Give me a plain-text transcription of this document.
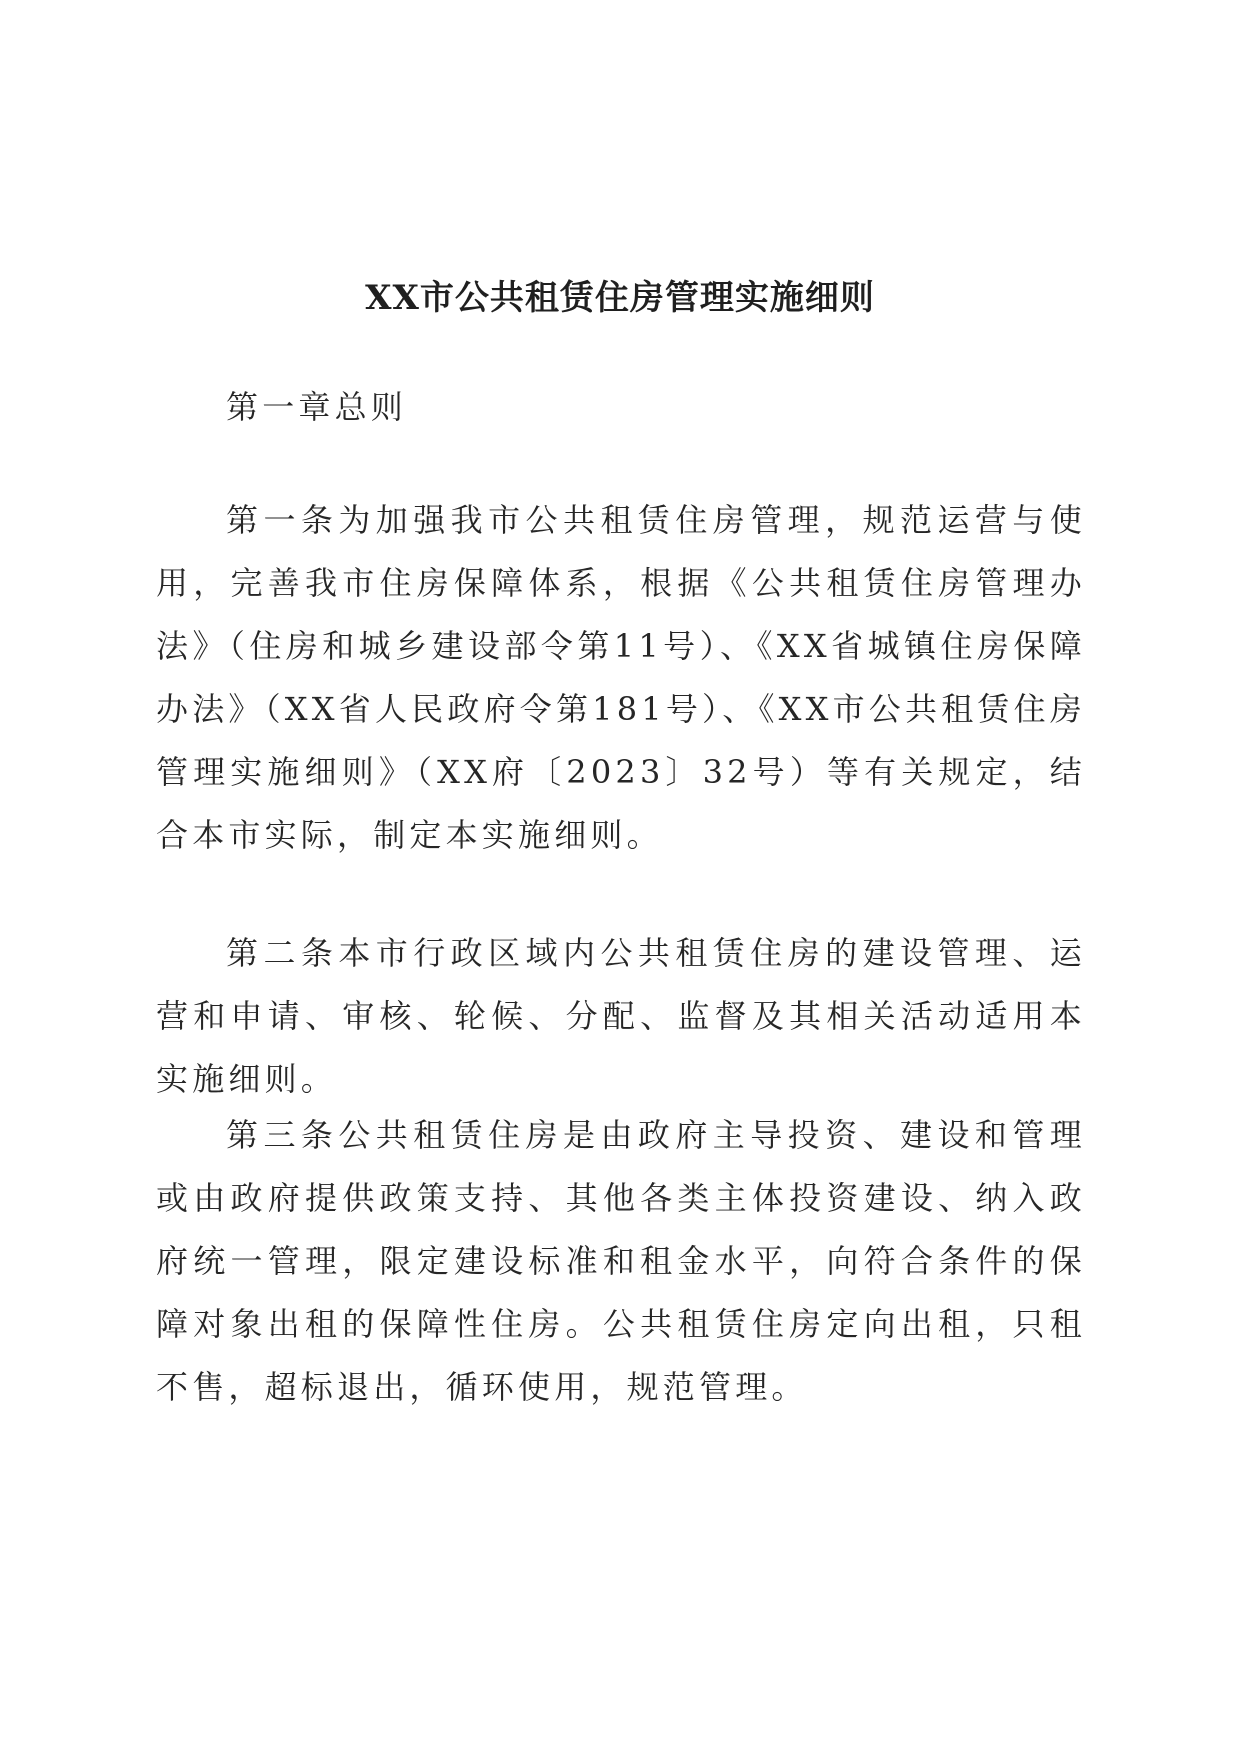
XX市公共租赁住房管理实施细则

第一章总则

第一条为加强我市公共租赁住房管理，规范运营与使用，完善我市住房保障体系，根据《公共租赁住房管理办法》（住房和城乡建设部令第11号）、《XX省城镇住房保障办法》（XX省人民政府令第181号）、《XX市公共租赁住房管理实施细则》（XX府〔2023〕32号）等有关规定，结合本市实际，制定本实施细则。

第二条本市行政区域内公共租赁住房的建设管理、运营和申请、审核、轮候、分配、监督及其相关活动适用本实施细则。

第三条公共租赁住房是由政府主导投资、建设和管理或由政府提供政策支持、其他各类主体投资建设、纳入政府统一管理，限定建设标准和租金水平，向符合条件的保障对象出租的保障性住房。公共租赁住房定向出租，只租不售，超标退出，循环使用，规范管理。
